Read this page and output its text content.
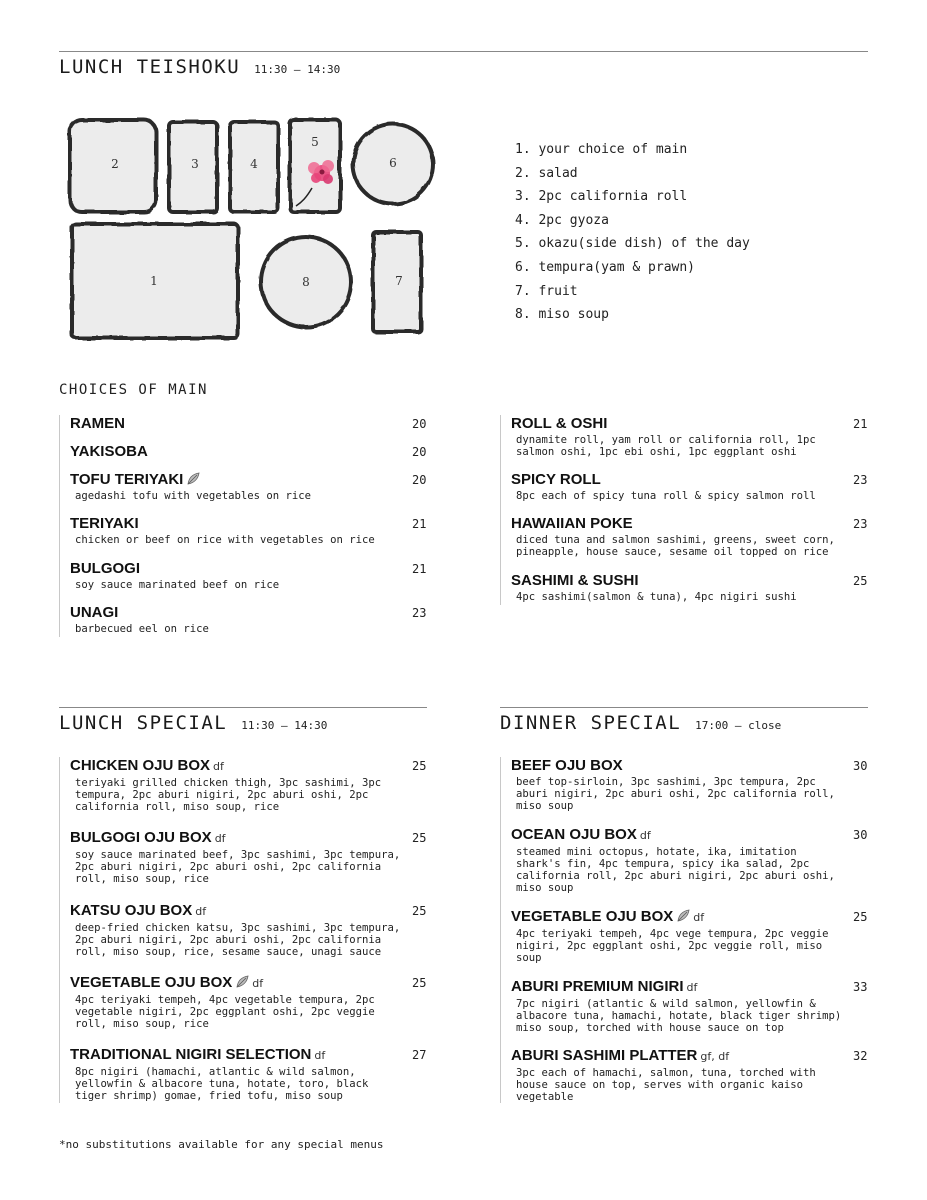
LUNCH TEISHOKU 11:30 – 14:30
2	3	4
5
6
1	8	7
1. your choice of main
2. salad
3. 2pc california roll
4. 2pc gyoza
5. okazu(side dish) of the day
6. tempura(yam & prawn)
7. fruit
8. miso soup
CHOICES OF MAIN
RAMEN	20
YAKISOBA	20
TOFU TERIYAKI	20
agedashi tofu with vegetables on rice
TERIYAKI	21
chicken or beef on rice with vegetables on rice
BULGOGI	21
soy sauce marinated beef on rice
UNAGI	23
barbecued eel on rice
ROLL & OSHI	21
dynamite roll, yam roll or california roll, 1pc salmon oshi, 1pc ebi oshi, 1pc eggplant oshi
SPICY ROLL	23
8pc each of spicy tuna roll & spicy salmon roll
HAWAIIAN POKE	23
diced tuna and salmon sashimi, greens, sweet corn, pineapple, house sauce, sesame oil topped on rice
SASHIMI & SUSHI	25
4pc sashimi(salmon & tuna), 4pc nigiri sushi
LUNCH SPECIAL 11:30 – 14:30	DINNER SPECIAL 17:00 – close
CHICKEN OJU BOX df	25
teriyaki grilled chicken thigh, 3pc sashimi, 3pc tempura, 2pc aburi nigiri, 2pc aburi oshi, 2pc california roll, miso soup, rice
BULGOGI OJU BOX df	25
soy sauce marinated beef, 3pc sashimi, 3pc tempura, 2pc aburi nigiri, 2pc aburi oshi, 2pc california roll, miso soup, rice
KATSU OJU BOX df	25
deep-fried chicken katsu, 3pc sashimi, 3pc tempura, 2pc aburi nigiri, 2pc aburi oshi, 2pc california roll, miso soup, rice, sesame sauce, unagi sauce
VEGETABLE OJU BOX df	25
4pc teriyaki tempeh, 4pc vegetable tempura, 2pc vegetable nigiri, 2pc eggplant oshi, 2pc veggie roll, miso soup, rice
TRADITIONAL NIGIRI SELECTION df	27
8pc nigiri (hamachi, atlantic & wild salmon, yellowfin & albacore tuna, hotate, toro, black tiger shrimp) gomae, fried tofu, miso soup
BEEF OJU BOX	30
beef top-sirloin, 3pc sashimi, 3pc tempura, 2pc aburi nigiri, 2pc aburi oshi, 2pc california roll, miso soup
OCEAN OJU BOX df	30
steamed mini octopus, hotate, ika, imitation shark's fin, 4pc tempura, spicy ika salad, 2pc california roll, 2pc aburi nigiri, 2pc aburi oshi, miso soup
VEGETABLE OJU BOX df	25
4pc teriyaki tempeh, 4pc vege tempura, 2pc veggie nigiri, 2pc eggplant oshi, 2pc veggie roll, miso soup
ABURI PREMIUM NIGIRI df	33
7pc nigiri (atlantic & wild salmon, yellowfin & albacore tuna, hamachi, hotate, black tiger shrimp) miso soup, torched with house sauce on top
ABURI SASHIMI PLATTER gf, df	32
3pc each of hamachi, salmon, tuna, torched with house sauce on top, serves with organic kaiso vegetable
*no substitutions available for any special menus
